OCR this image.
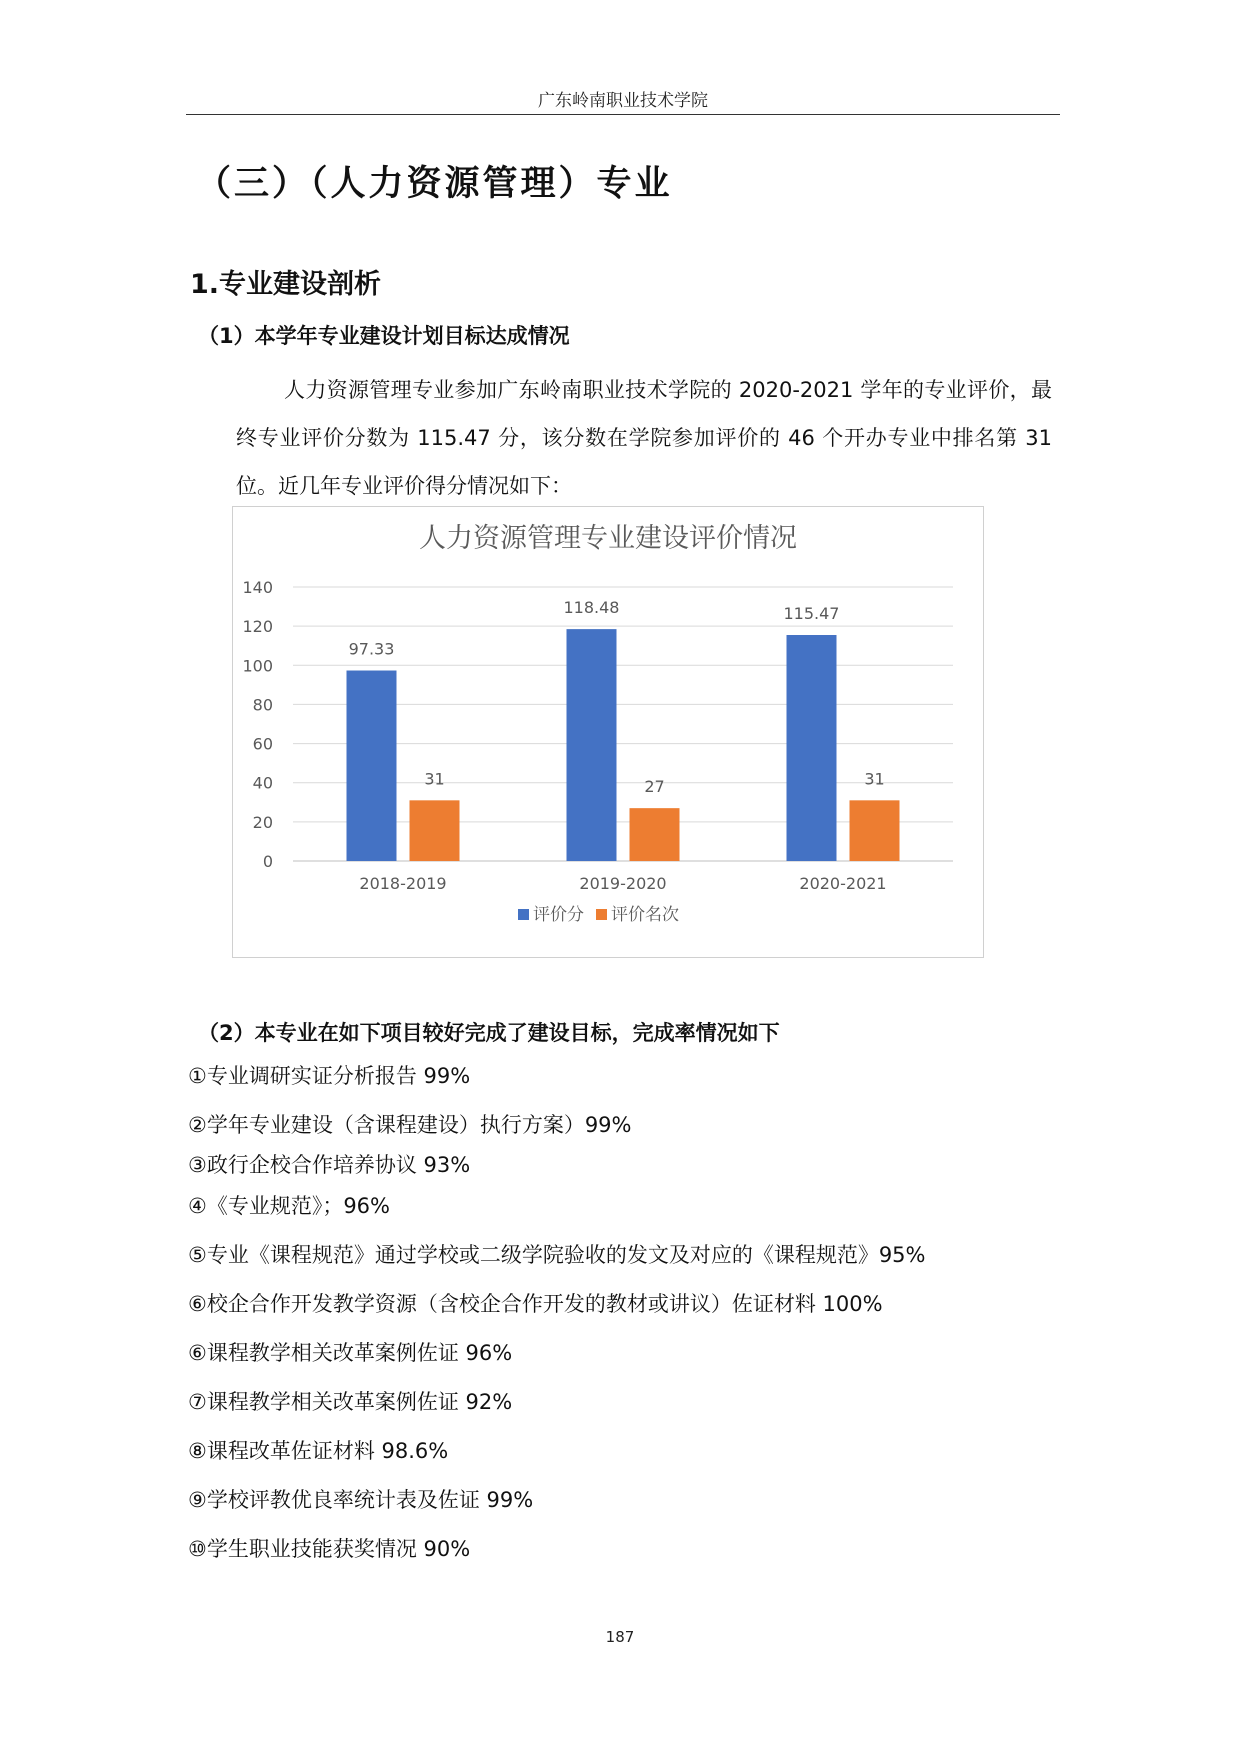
广东岭南职业技术学院
（三）（人力资源管理）专业
1.专业建设剖析
（1）本学年专业建设计划目标达成情况

人力资源管理专业参加广东岭南职业技术学院的 2020-2021 学年的专业评价，最终专业评价分数为 115.47 分，该分数在学院参加评价的 46 个开办专业中排名第 31 位。近几年专业评价得分情况如下：

人力资源管理专业建设评价情况
0
20
40
60
80
100
120
140
97.33
31
118.48
27
115.47
31
2018-2019	2019-2020	2020-2021
评价分 评价名次
（2）本专业在如下项目较好完成了建设目标，完成率情况如下
①专业调研实证分析报告 99%
②学年专业建设（含课程建设）执行方案）99%
③政行企校合作培养协议 93%
④《专业规范》；96%
⑤专业《课程规范》通过学校或二级学院验收的发文及对应的《课程规范》95%
⑥校企合作开发教学资源（含校企合作开发的教材或讲议）佐证材料 100%
⑥课程教学相关改革案例佐证 96%
⑦课程教学相关改革案例佐证 92%
⑧课程改革佐证材料 98.6%
⑨学校评教优良率统计表及佐证 99%
⑩学生职业技能获奖情况 90%
187
